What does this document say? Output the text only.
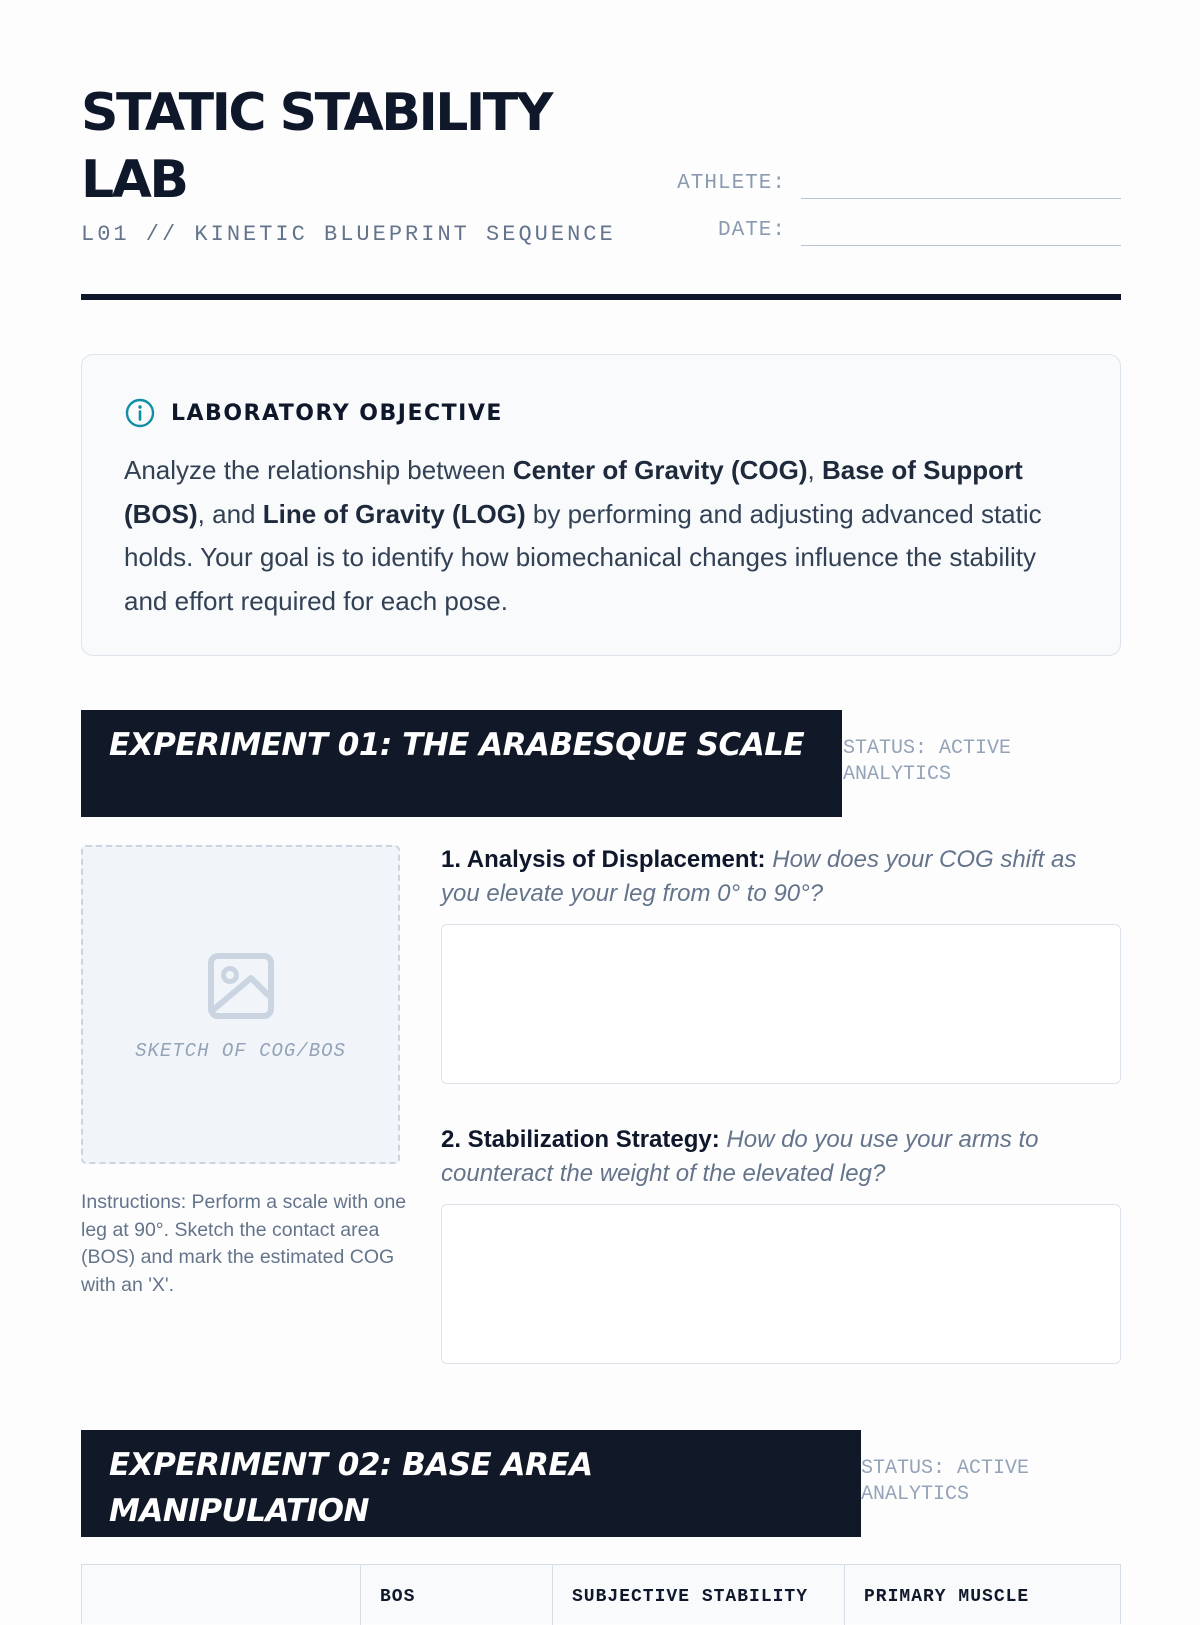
STATIC STABILITY LAB
L01 // KINETIC BLUEPRINT SEQUENCE
ATHLETE:
DATE:
LABORATORY OBJECTIVE

Analyze the relationship between Center of Gravity (COG), Base of Support (BOS), and Line of Gravity (LOG) by performing and adjusting advanced static holds. Your goal is to identify how biomechanical changes influence the stability and effort required for each pose.

EXPERIMENT 01: THE ARABESQUE SCALE	STATUS: ACTIVE ANALYTICS
SKETCH OF COG/BOS

Instructions: Perform a scale with one leg at 90°. Sketch the contact area (BOS) and mark the estimated COG with an 'X'.

1. Analysis of Displacement: How does your COG shift as you elevate your leg from 0° to 90°?

2. Stabilization Strategy: How do you use your arms to counteract the weight of the elevated leg?

EXPERIMENT 02: BASE AREA MANIPULATION
STATUS: ACTIVE ANALYTICS
BOS	SUBJECTIVE STABILITY	PRIMARY MUSCLE
